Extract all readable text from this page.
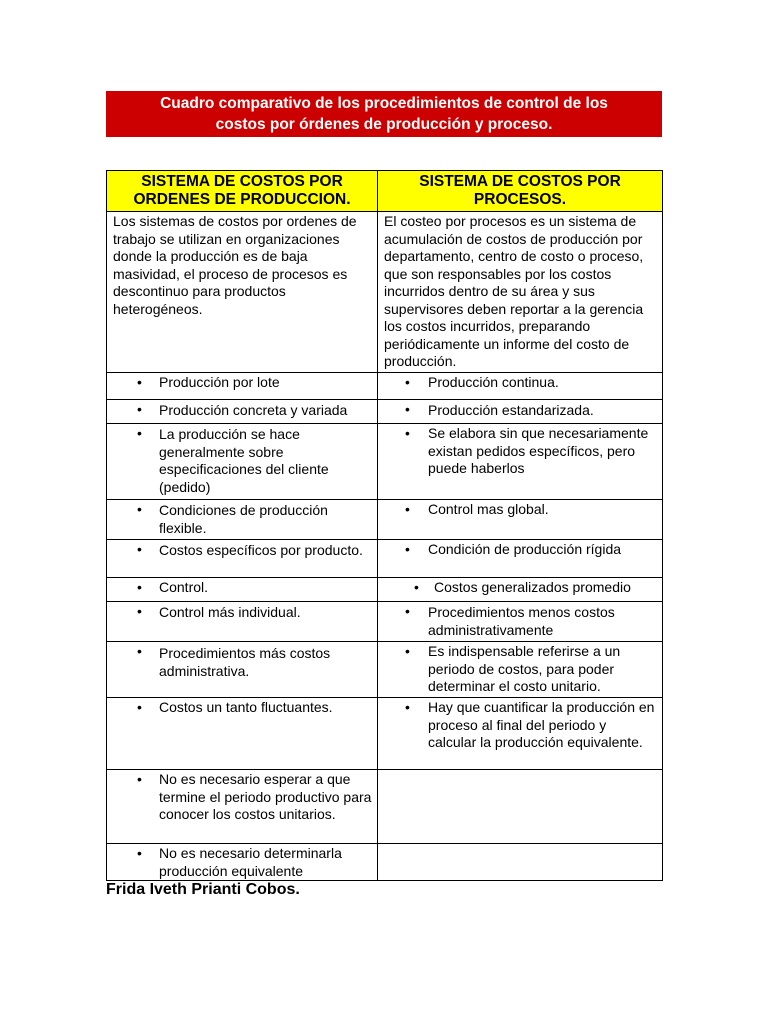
Cuadro comparativo de los procedimientos de control de los
costos por órdenes de producción y proceso.
SISTEMA DE COSTOS POR ORDENES DE PRODUCCION.	SISTEMA DE COSTOS POR PROCESOS.

Los sistemas de costos por ordenes de trabajo se utilizan en organizaciones donde la producción es de baja masividad, el proceso de procesos es descontinuo para productos heterogéneos.	El costeo por procesos es un sistema de acumulación de costos de producción por departamento, centro de costo o proceso, que son responsables por los costos incurridos dentro de su área y sus supervisores deben reportar a la gerencia los costos incurridos, preparando periódicamente un informe del costo de producción.

• Producción por lote	• Producción continua.

• Producción concreta y variada	• Producción estandarizada.

• La producción se hace generalmente sobre especificaciones del cliente (pedido)	• Se elabora sin que necesariamente existan pedidos específicos, pero puede haberlos

• Condiciones de producción flexible.	• Control mas global.

• Costos específicos por producto.	• Condición de producción rígida

• Control.	• Costos generalizados promedio

• Control más individual.	• Procedimientos menos costos administrativamente

• Procedimientos más costos administrativa.	• Es indispensable referirse a un periodo de costos, para poder determinar el costo unitario.

• Costos un tanto fluctuantes.	• Hay que cuantificar la producción en proceso al final del periodo y calcular la producción equivalente.

• No es necesario esperar a que termine el periodo productivo para conocer los costos unitarios.

• No es necesario determinarla producción equivalente

Frida Iveth Prianti Cobos.
